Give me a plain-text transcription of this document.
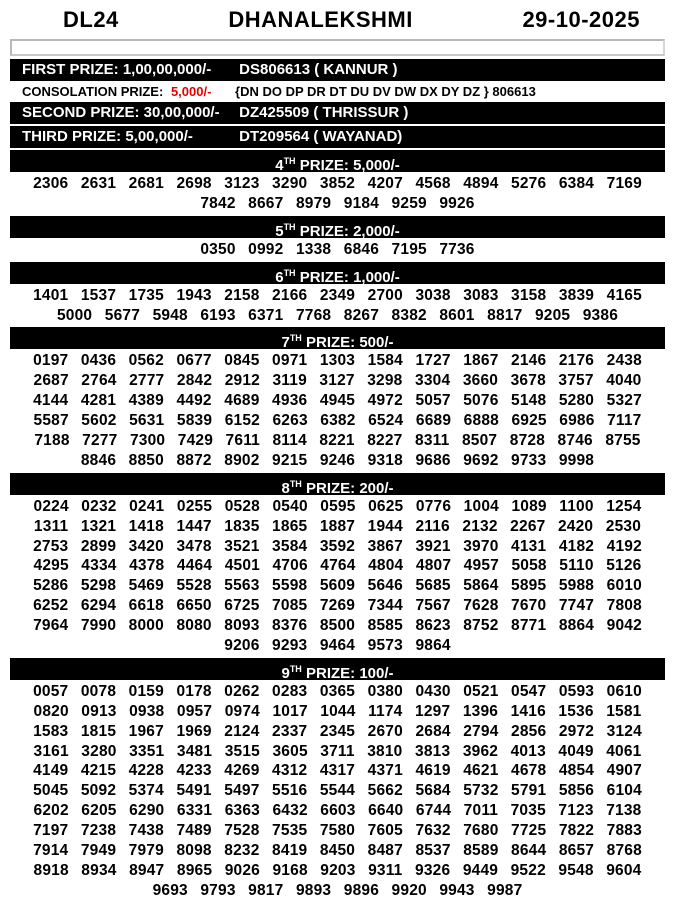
DL24	DHANALEKSHMI	29-10-2025
FIRST PRIZE: 1,00,00,000/- DS806613 ( KANNUR )
CONSOLATION PRIZE: 5,000/- {DN DO DP DR DT DU DV DW DX DY DZ } 806613
SECOND PRIZE: 30,00,000/- DZ425509 ( THRISSUR )
THIRD PRIZE: 5,00,000/-	DT209564 ( WAYANAD)
4TH PRIZE: 5,000/-
2306 2631 2681 2698 3123 3290 3852 4207 4568 4894 5276 6384 7169
7842 8667 8979 9184 9259 9926
5TH PRIZE: 2,000/-
0350 0992 1338 6846 7195 7736
6TH PRIZE: 1,000/-
1401 1537 1735 1943 2158 2166 2349 2700 3038 3083 3158 3839 4165
5000 5677 5948 6193 6371 7768 8267 8382 8601 8817 9205 9386
7TH PRIZE: 500/-
0197 0436 0562 0677 0845 0971 1303 1584 1727 1867 2146 2176 2438
2687 2764 2777 2842 2912 3119 3127 3298 3304 3660 3678 3757 4040
4144 4281 4389 4492 4689 4936 4945 4972 5057 5076 5148 5280 5327
5587 5602 5631 5839 6152 6263 6382 6524 6689 6888 6925 6986 7117
7188 7277 7300 7429 7611 8114 8221 8227 8311 8507 8728 8746 8755
8846 8850 8872 8902 9215 9246 9318 9686 9692 9733 9998
8TH PRIZE: 200/-
0224 0232 0241 0255 0528 0540 0595 0625 0776 1004 1089 1100 1254
1311 1321 1418 1447 1835 1865 1887 1944 2116 2132 2267 2420 2530
2753 2899 3420 3478 3521 3584 3592 3867 3921 3970 4131 4182 4192
4295 4334 4378 4464 4501 4706 4764 4804 4807 4957 5058 5110 5126
5286 5298 5469 5528 5563 5598 5609 5646 5685 5864 5895 5988 6010
6252 6294 6618 6650 6725 7085 7269 7344 7567 7628 7670 7747 7808
7964 7990 8000 8080 8093 8376 8500 8585 8623 8752 8771 8864 9042
9206 9293 9464 9573 9864
9TH PRIZE: 100/-
0057 0078 0159 0178 0262 0283 0365 0380 0430 0521 0547 0593 0610
0820 0913 0938 0957 0974 1017 1044 1174 1297 1396 1416 1536 1581
1583 1815 1967 1969 2124 2337 2345 2670 2684 2794 2856 2972 3124
3161 3280 3351 3481 3515 3605 3711 3810 3813 3962 4013 4049 4061
4149 4215 4228 4233 4269 4312 4317 4371 4619 4621 4678 4854 4907
5045 5092 5374 5491 5497 5516 5544 5662 5684 5732 5791 5856 6104
6202 6205 6290 6331 6363 6432 6603 6640 6744 7011 7035 7123 7138
7197 7238 7438 7489 7528 7535 7580 7605 7632 7680 7725 7822 7883
7914 7949 7979 8098 8232 8419 8450 8487 8537 8589 8644 8657 8768
8918 8934 8947 8965 9026 9168 9203 9311 9326 9449 9522 9548 9604
9693 9793 9817 9893 9896 9920 9943 9987
